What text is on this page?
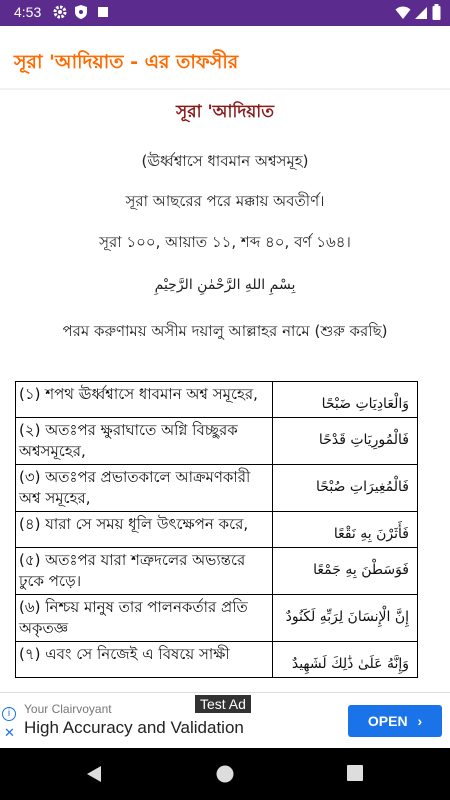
4:53
সূরা 'আদিয়াত - এর তাফসীর
সূরা 'আদিয়াত
(ঊর্ধ্বশ্বাসে ধাবমান অশ্বসমূহ)
সূরা আছরের পরে মক্কায় অবতীর্ণ।
সূরা ১০০, আয়াত ১১, শব্দ ৪০, বর্ণ ১৬৪।
بِسْمِ اللهِ الرَّحْمٰنِ الرَّحِيْمِ
পরম করুণাময় অসীম দয়ালু আল্লাহর নামে (শুরু করছি)
(১) শপথ ঊর্ধ্বশ্বাসে ধাবমান অশ্ব সমূহের,	وَالْعَادِيَاتِ ضَبْحًا
(২) অতঃপর ক্ষুরাঘাতে অগ্নি বিচ্ছুরক অশ্বসমূহের,	فَالْمُورِيَاتِ قَدْحًا
(৩) অতঃপর প্রভাতকালে আক্রমণকারী অশ্ব সমূহের,	فَالْمُغِيرَاتِ صُبْحًا
(৪) যারা সে সময় ধূলি উৎক্ষেপন করে,	فَأَثَرْنَ بِهِ نَقْعًا
(৫) অতঃপর যারা শত্রুদলের অভ্যন্তরে ঢুকে পড়ে।	فَوَسَطْنَ بِهِ جَمْعًا
(৬) নিশ্চয় মানুষ তার পালনকর্তার প্রতি অকৃতজ্ঞ	إِنَّ الْإِنسَانَ لِرَبِّهِ لَكَنُودٌ
(৭) এবং সে নিজেই এ বিষয়ে সাক্ষী	وَإِنَّهُ عَلَىٰ ذَٰلِكَ لَشَهِيدٌ
Test Ad
i
✕
Your Clairvoyant
High Accuracy and Validation	OPEN ›
